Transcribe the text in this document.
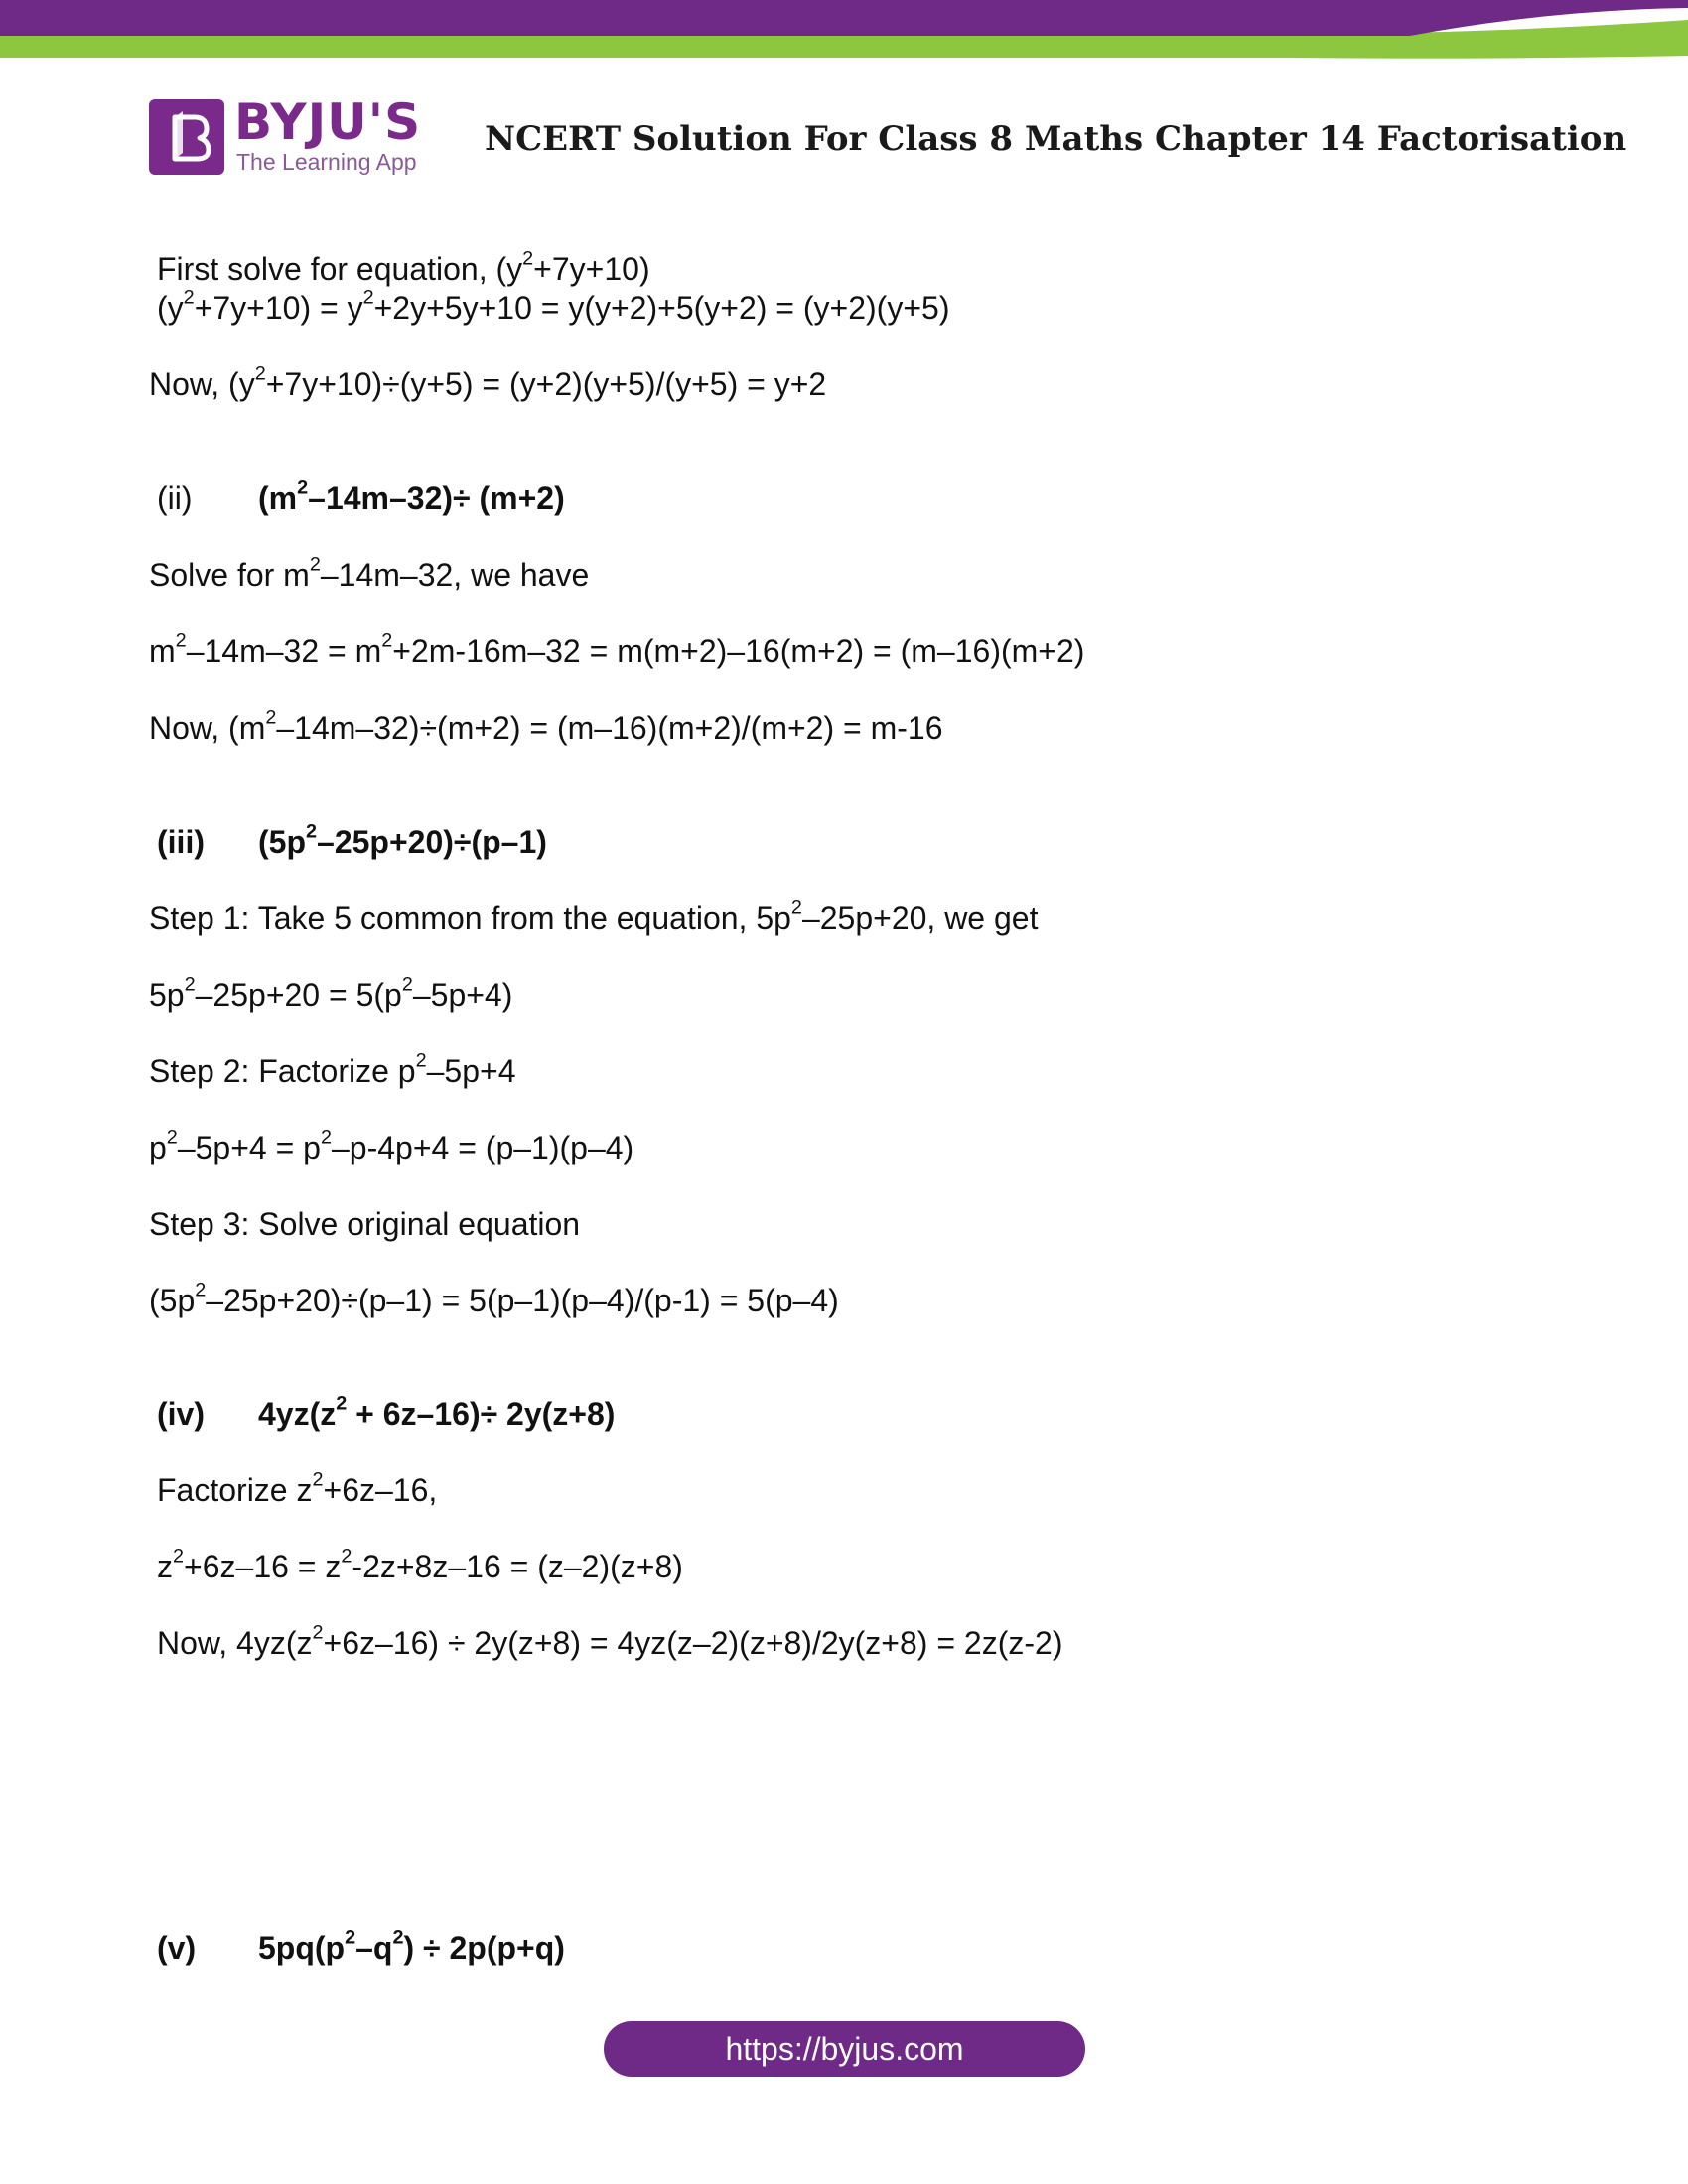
BYJU'S
The Learning App
NCERT Solution For Class 8 Maths Chapter 14 Factorisation
First solve for equation, $(y^2+7y+10)$
$(y^2+7y+10) = y^2+2y+5y+10 = y(y+2)+5(y+2) = (y+2)(y+5)$
Now, $(y^2+7y+10)\div(y+5) = (y+2)(y+5)/(y+5) = y+2$
(ii) $(m^2-14m-32)\div (m+2)$
Solve for $m^2-14m-32$, we have
$m^2-14m-32 = m^2+2m-16m-32 = m(m+2)-16(m+2) = (m-16)(m+2)$
Now, $(m^2-14m-32)\div(m+2) = (m-16)(m+2)/(m+2) = m-16$
(iii) $(5p^2-25p+20)\div(p-1)$
Step 1: Take 5 common from the equation, $5p^2-25p+20$, we get
$5p^2-25p+20 = 5(p^2-5p+4)$
Step 2: Factorize $p^2-5p+4$
$p^2-5p+4 = p^2-p-4p+4 = (p-1)(p-4)$
Step 3: Solve original equation
$(5p^2-25p+20)\div(p-1) = 5(p-1)(p-4)/(p-1) = 5(p-4)$
(iv) $4yz(z^2 + 6z-16)\div 2y(z+8)$
Factorize $z^2+6z-16$,
$z^2+6z-16 = z^2-2z+8z-16 = (z-2)(z+8)$
Now, $4yz(z^2+6z-16) \div 2y(z+8) = 4yz(z-2)(z+8)/2y(z+8) = 2z(z-2)$
(v) $5pq(p^2-q^2) \div 2p(p+q)$
https://byjus.com
